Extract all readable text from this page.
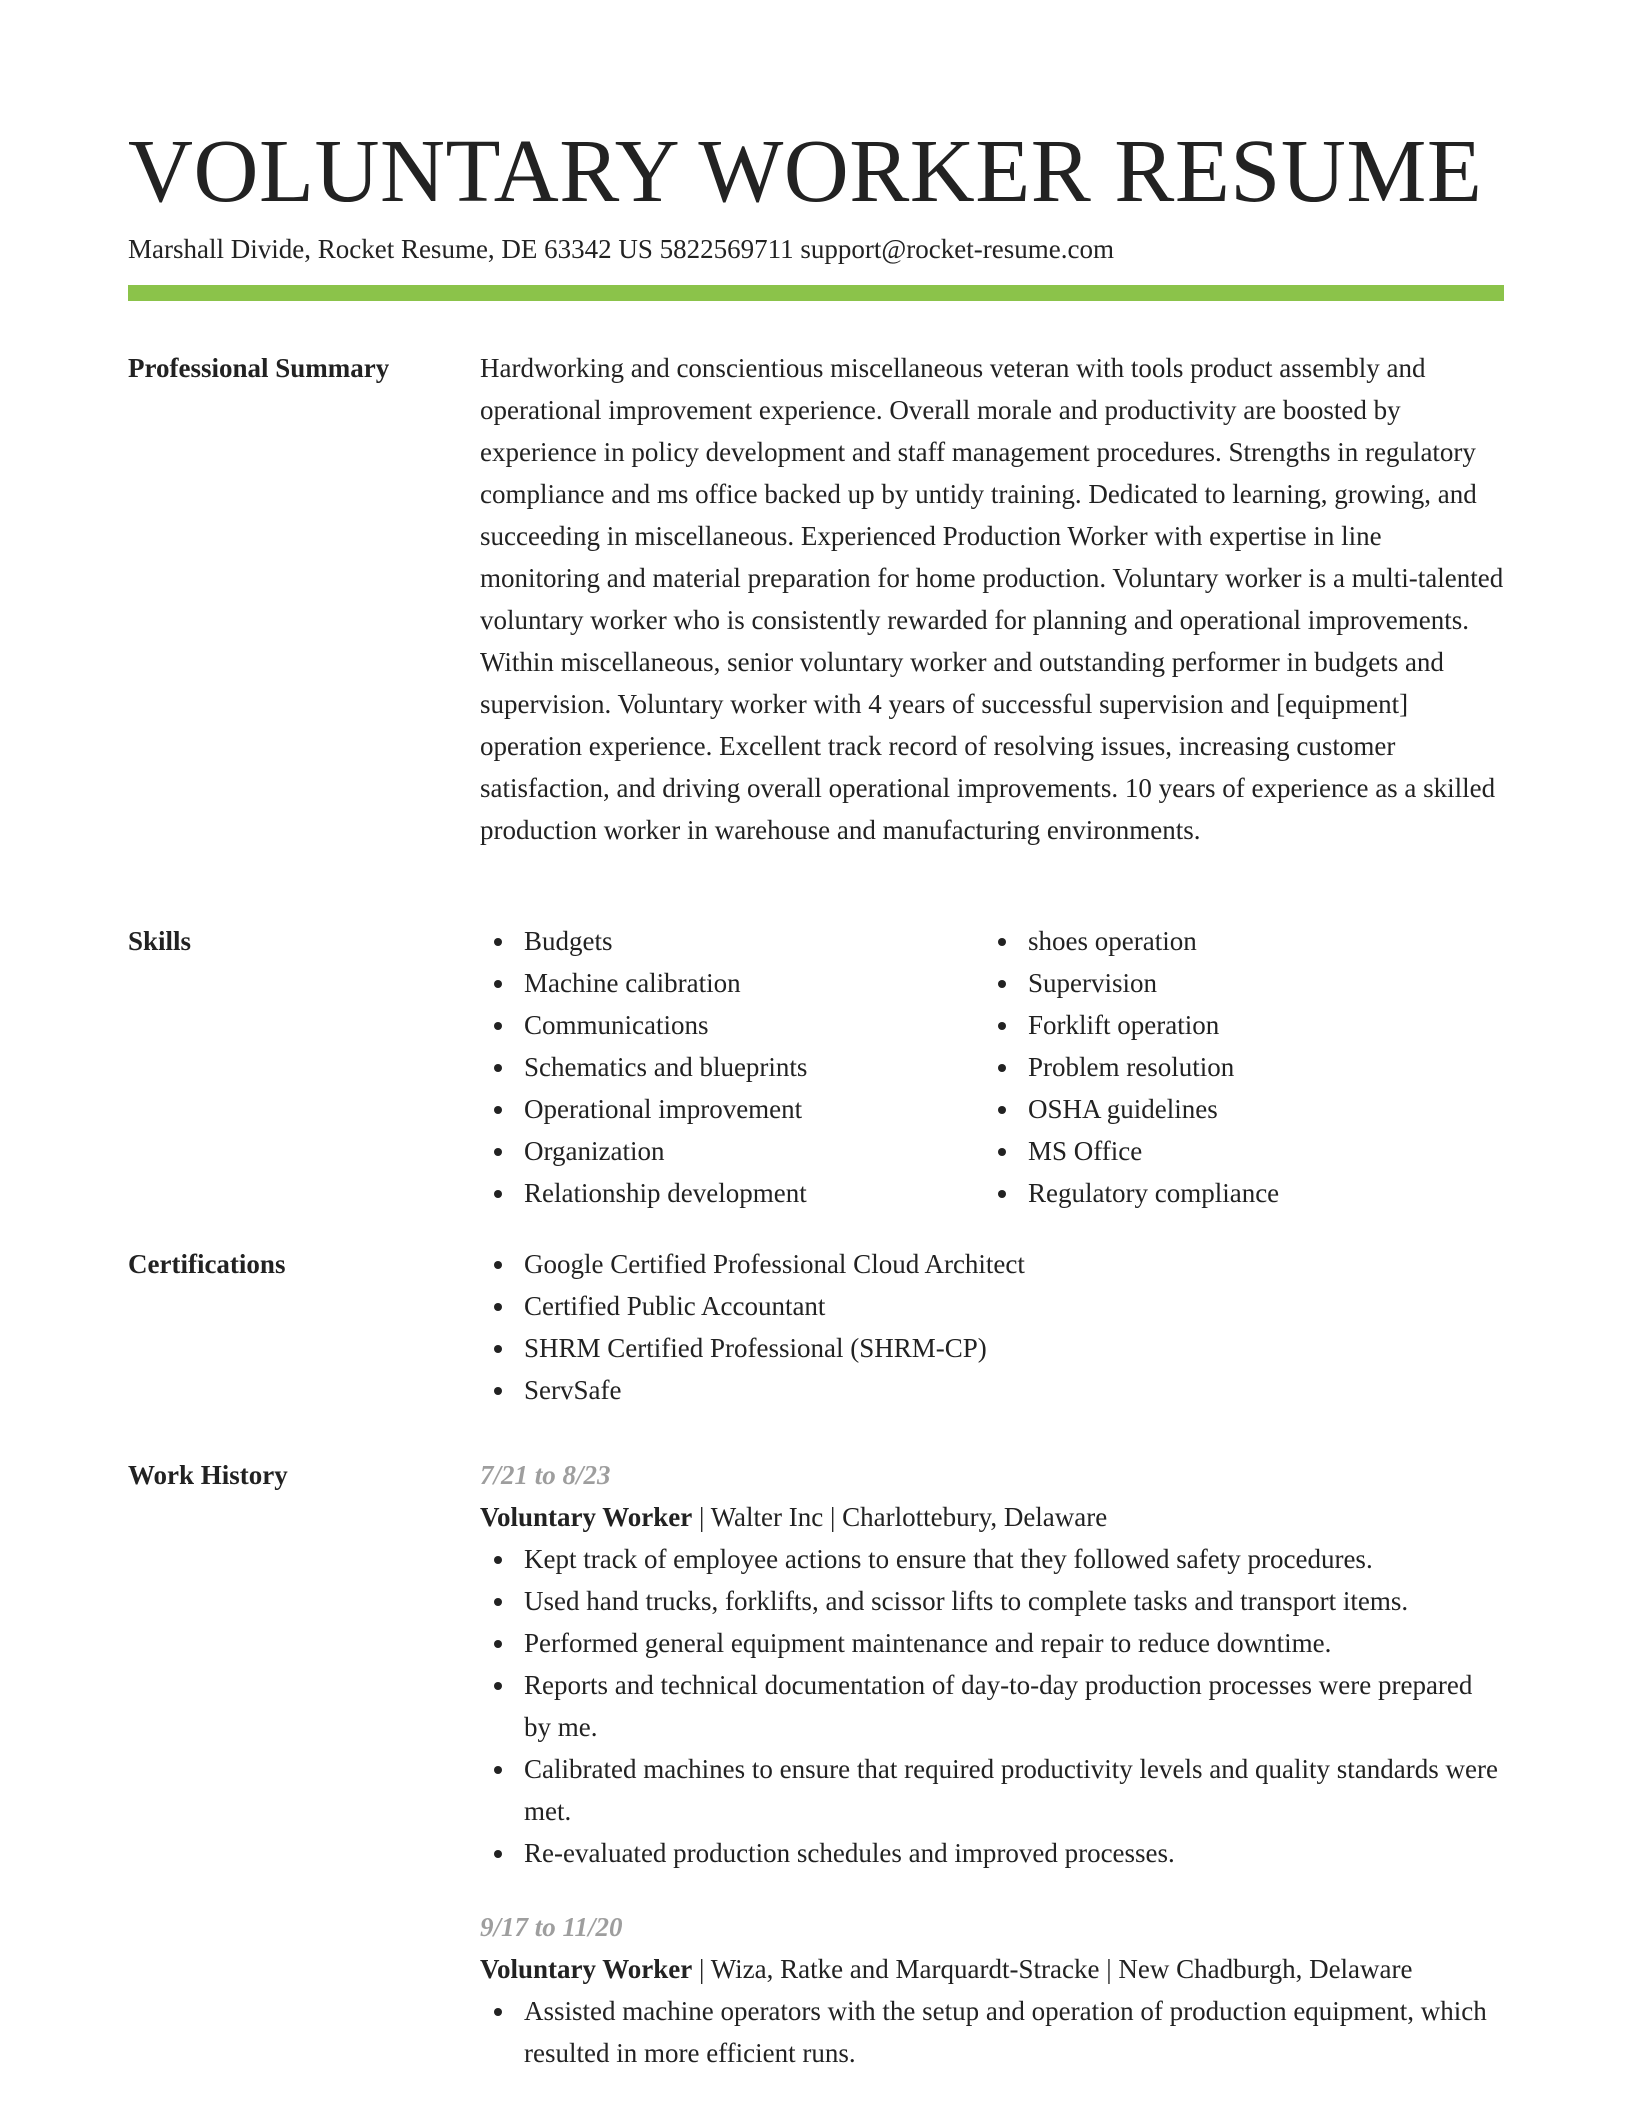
VOLUNTARY WORKER RESUME
Marshall Divide, Rocket Resume, DE 63342 US 5822569711 support@rocket-resume.com
Professional Summary	Hardworking and conscientious miscellaneous veteran with tools product assembly and operational improvement experience. Overall morale and productivity are boosted by experience in policy development and staff management procedures. Strengths in regulatory compliance and ms office backed up by untidy training. Dedicated to learning, growing, and succeeding in miscellaneous. Experienced Production Worker with expertise in line monitoring and material preparation for home production. Voluntary worker is a multi-talented voluntary worker who is consistently rewarded for planning and operational improvements. Within miscellaneous, senior voluntary worker and outstanding performer in budgets and supervision. Voluntary worker with 4 years of successful supervision and [equipment] operation experience. Excellent track record of resolving issues, increasing customer satisfaction, and driving overall operational improvements. 10 years of experience as a skilled production worker in warehouse and manufacturing environments.

Skills	Budgets
Machine calibration
Communications
Schematics and blueprints
Operational improvement
Organization
Relationship development
shoes operation
Supervision
Forklift operation
Problem resolution
OSHA guidelines
MS Office
Regulatory compliance
Certifications	Google Certified Professional Cloud Architect
Certified Public Accountant
SHRM Certified Professional (SHRM-CP)
ServSafe
Work History	7/21 to 8/23
Voluntary Worker | Walter Inc | Charlottebury, Delaware
Kept track of employee actions to ensure that they followed safety procedures.
Used hand trucks, forklifts, and scissor lifts to complete tasks and transport items.
Performed general equipment maintenance and repair to reduce downtime.
Reports and technical documentation of day-to-day production processes were prepared by me.
Calibrated machines to ensure that required productivity levels and quality standards were met.
Re-evaluated production schedules and improved processes.
9/17 to 11/20
Voluntary Worker | Wiza, Ratke and Marquardt-Stracke | New Chadburgh, Delaware
Assisted machine operators with the setup and operation of production equipment, which resulted in more efficient runs.
